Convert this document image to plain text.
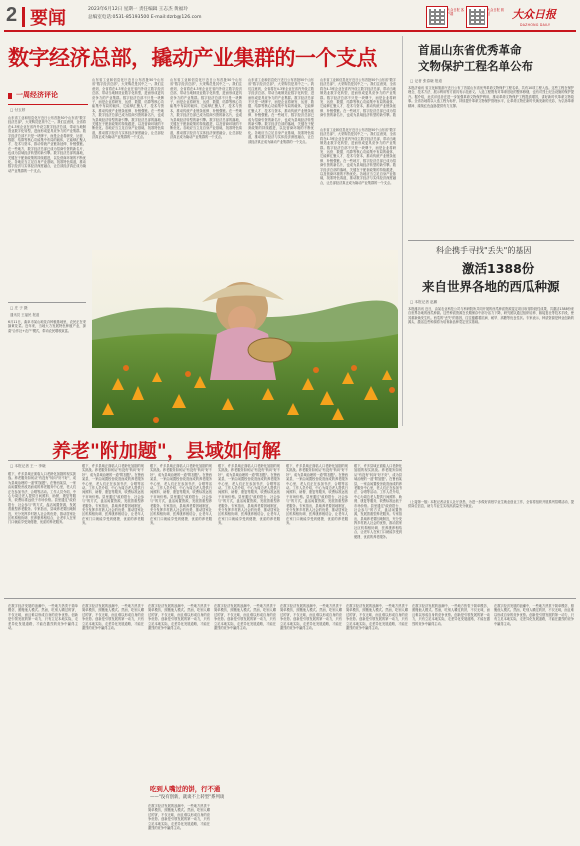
2 要闻	2023年6月12日 星期一 责任编辑 王志杰 黄福玲
总编室电话:0531-85193500 E-mail:dzrb@126.com
大众日报 客户端
大众日报 微信	大众日报
DAZHONG DAILY
数字经济总部，撬动产业集群的一个支点
一周经济评论
□ 付玉婷
山东省工业和信息化厅近日公布首批50个山东省"数字经济总部"，大采购员是其中之一。我们注意到，全省将在4-3家企业在省内外设立数字经济总部，带动当地制造业数字化转型，进而形成更具竞争力的产业集群。数字经济总部不只是一块牌子，而是企业将研发、运营、数据、结算等核心功能集中布局的载体，它能够汇聚人才、技术与资本，推动传统产业链条延伸、补链强链。在一些地方，数字经济总部已成为招商引资的新名片，也成为县域经济转型的新引擎。数字经济总部的落地，关键在于配套政策的持续跟进，以及营商环境的不断优化。各地应当立足自身产业基础，找准特色赛道，推动数字经济与实体经济深度融合，让总部经济真正成为撬动产业集群的一个支点。
山东省工业和信息化厅近日公布首批50个山东省"数字经济总部"，大采购员是其中之一。我们注意到，全省将在4-3家企业在省内外设立数字经济总部，带动当地制造业数字化转型，进而形成更具竞争力的产业集群。数字经济总部不只是一块牌子，而是企业将研发、运营、数据、结算等核心功能集中布局的载体，它能够汇聚人才、技术与资本，推动传统产业链条延伸、补链强链。在一些地方，数字经济总部已成为招商引资的新名片，也成为县域经济转型的新引擎。数字经济总部的落地，关键在于配套政策的持续跟进，以及营商环境的不断优化。各地应当立足自身产业基础，找准特色赛道，推动数字经济与实体经济深度融合，让总部经济真正成为撬动产业集群的一个支点。
山东省工业和信息化厅近日公布首批50个山东省"数字经济总部"，大采购员是其中之一。我们注意到，全省将在4-3家企业在省内外设立数字经济总部，带动当地制造业数字化转型，进而形成更具竞争力的产业集群。数字经济总部不只是一块牌子，而是企业将研发、运营、数据、结算等核心功能集中布局的载体，它能够汇聚人才、技术与资本，推动传统产业链条延伸、补链强链。在一些地方，数字经济总部已成为招商引资的新名片，也成为县域经济转型的新引擎。数字经济总部的落地，关键在于配套政策的持续跟进，以及营商环境的不断优化。各地应当立足自身产业基础，找准特色赛道，推动数字经济与实体经济深度融合，让总部经济真正成为撬动产业集群的一个支点。
山东省工业和信息化厅近日公布首批50个山东省"数字经济总部"，大采购员是其中之一。我们注意到，全省将在4-3家企业在省内外设立数字经济总部，带动当地制造业数字化转型，进而形成更具竞争力的产业集群。数字经济总部不只是一块牌子，而是企业将研发、运营、数据、结算等核心功能集中布局的载体，它能够汇聚人才、技术与资本，推动传统产业链条延伸、补链强链。在一些地方，数字经济总部已成为招商引资的新名片，也成为县域经济转型的新引擎。数字经济总部的落地，关键在于配套政策的持续跟进，以及营商环境的不断优化。各地应当立足自身产业基础，找准特色赛道，推动数字经济与实体经济深度融合，让总部经济真正成为撬动产业集群的一个支点。
山东省工业和信息化厅近日公布首批50个山东省"数字经济总部"，大采购员是其中之一。我们注意到，全省将在4-3家企业在省内外设立数字经济总部，带动当地制造业数字化转型，进而形成更具竞争力的产业集群。数字经济总部不只是一块牌子，而是企业将研发、运营、数据、结算等核心功能集中布局的载体，它能够汇聚人才、技术与资本，推动传统产业链条延伸、补链强链。在一些地方，数字经济总部已成为招商引资的新名片，也成为县域经济转型的新引擎。数
□ 庄 子 摄
通讯员 王福民 报道
6月11日，曲阜市某山地花卉种植基地里，农民正在采摘黄花菜。近年来，当地大力发展特色种植产业，探索"合作社+农户"模式，带动农民增收致富。
山东省工业和信息化厅近日公布首批50个山东省"数字经济总部"，大采购员是其中之一。我们注意到，全省将在4-3家企业在省内外设立数字经济总部，带动当地制造业数字化转型，进而形成更具竞争力的产业集群。数字经济总部不只是一块牌子，而是企业将研发、运营、数据、结算等核心功能集中布局的载体，它能够汇聚人才、技术与资本，推动传统产业链条延伸、补链强链。在一些地方，数字经济总部已成为招商引资的新名片，也成为县域经济转型的新引擎。数字经济总部的落地，关键在于配套政策的持续跟进，以及营商环境的不断优化。各地应当立足自身产业基础，找准特色赛道，推动数字经济与实体经济深度融合，让总部经济真正成为撬动产业集群的一个支点。
首届山东省优秀革命
文物保护工程名单公布
□ 记者 张春晓 报道
本报济南讯 省文化和旅游厅近日公布了首届山东省优秀革命文物保护工程名单，共有10项工程入选。这些工程在保护理念、技术方法、展示利用等方面具有示范意义。入选工程既有对革命旧址的整体修缮，也有对烈士纪念设施的保护提升。据介绍，此次评选旨在进一步加强革命文物保护利用，推动革命文物保护工程提质增效，讲好新时代革命文物故事。全省各地将以入选工程为标杆，持续提升革命文物保护管理水平，让革命文物在新时代焕发新的光彩，为弘扬革命精神、赓续红色血脉提供有力支撑。
科企携手寻找"丢失"的基因
激活1388份
来自世界各地的西瓜种源
□ 本报记者 赵鹏
本报潍坊讯 近日，由某农业科技公司与科研院所共同开展的西瓜种质资源鉴定项目取得阶段性成果，共激活1388份来自世界各地的西瓜种源。这些种质资源在长期保存中部分活力下降，研究团队通过组织培养、嫁接复壮等技术手段，使其重新焕发生机。西瓜的"丢失"的基因，往往蕴藏着抗病、耐旱、高糖等优良性状。专家表示，种质资源是种业创新的源头，激活这些种源将为培育新品种奠定坚实基础。
养老"附加题"，县域如何解
□ 本报记者 王一 李晓
眼下，许多县域正面临人口老龄化加剧的现实挑战。养老服务如何从"有没有"转向"好不好"，成为县域治理的一道"附加题"。在鲁西某县，一家由闲置校舍改造而成的养老服务中心里，老人们正在参加书法、合唱等活动。工作人员介绍，中心为周边老人提供日间照料、助餐、康复等服务，收费标准远低于市场价格。县里通过"政府搭台、社会参与"的方式，盘活闲置资源，发展普惠型养老服务。专家指出，县域养老要因地制宜，充分发挥乡村熟人社会的优势，推动居家社区机构相协调、医养康养相结合，让老年人在家门口就能享受到便捷、优质的养老服务。
眼下，许多县域正面临人口老龄化加剧的现实挑战。养老服务如何从"有没有"转向"好不好"，成为县域治理的一道"附加题"。在鲁西某县，一家由闲置校舍改造而成的养老服务中心里，老人们正在参加书法、合唱等活动。工作人员介绍，中心为周边老人提供日间照料、助餐、康复等服务，收费标准远低于市场价格。县里通过"政府搭台、社会参与"的方式，盘活闲置资源，发展普惠型养老服务。专家指出，县域养老要因地制宜，充分发挥乡村熟人社会的优势，推动居家社区机构相协调、医养康养相结合，让老年人在家门口就能享受到便捷、优质的养老服务。
眼下，许多县域正面临人口老龄化加剧的现实挑战。养老服务如何从"有没有"转向"好不好"，成为县域治理的一道"附加题"。在鲁西某县，一家由闲置校舍改造而成的养老服务中心里，老人们正在参加书法、合唱等活动。工作人员介绍，中心为周边老人提供日间照料、助餐、康复等服务，收费标准远低于市场价格。县里通过"政府搭台、社会参与"的方式，盘活闲置资源，发展普惠型养老服务。专家指出，县域养老要因地制宜，充分发挥乡村熟人社会的优势，推动居家社区机构相协调、医养康养相结合，让老年人在家门口就能享受到便捷、优质的养老服务。
眼下，许多县域正面临人口老龄化加剧的现实挑战。养老服务如何从"有没有"转向"好不好"，成为县域治理的一道"附加题"。在鲁西某县，一家由闲置校舍改造而成的养老服务中心里，老人们正在参加书法、合唱等活动。工作人员介绍，中心为周边老人提供日间照料、助餐、康复等服务，收费标准远低于市场价格。县里通过"政府搭台、社会参与"的方式，盘活闲置资源，发展普惠型养老服务。专家指出，县域养老要因地制宜，充分发挥乡村熟人社会的优势，推动居家社区机构相协调、医养康养相结合，让老年人在家门口就能享受到便捷、优质的养老服务。
眼下，许多县域正面临人口老龄化加剧的现实挑战。养老服务如何从"有没有"转向"好不好"，成为县域治理的一道"附加题"。在鲁西某县，一家由闲置校舍改造而成的养老服务中心里，老人们正在参加书法、合唱等活动。工作人员介绍，中心为周边老人提供日间照料、助餐、康复等服务，收费标准远低于市场价格。县里通过"政府搭台、社会参与"的方式，盘活闲置资源，发展普惠型养老服务。专家指出，县域养老要因地制宜，充分发挥乡村熟人社会的优势，推动居家社区机构相协调、医养康养相结合，让老年人在家门口就能享受到便捷、优质的养老服务。
眼下，许多县域正面临人口老龄化加剧的现实挑战。养老服务如何从"有没有"转向"好不好"，成为县域治理的一道"附加题"。在鲁西某县，一家由闲置校舍改造而成的养老服务中心里，老人们正在参加书法、合唱等活动。工作人员介绍，中心为周边老人提供日间照料、助餐、康复等服务，收费标准远低于市场价格。县里通过"政府搭台、社会参与"的方式，盘活闲置资源，发展普惠型养老服务。专家指出，县域养老要因地制宜，充分发挥乡村熟人社会的优势，推动居家社区机构相协调、医养康养相结合，让老年人在家门口就能享受到便捷、优质的养老服务。
（上接第一版）本报记者从省人社厅获悉，为进一步做好高校毕业生就业创业工作，全省将组织开展系列招聘活动，提供岗位信息，助力毕业生实现高质量充分就业。
在数字经济发展的浪潮中，一些地方热衷于简单模仿，照搬他人模式。然而，吃别人嚼过的饼，不仅无味，而且难以形成自身的竞争优势。创新是引领发展的第一动力，只有立足本地实际，走差异化发展道路，才能在激烈的竞争中赢得主动。
在数字经济发展的浪潮中，一些地方热衷于简单模仿，照搬他人模式。然而，吃别人嚼过的饼，不仅无味，而且难以形成自身的竞争优势。创新是引领发展的第一动力，只有立足本地实际，走差异化发展道路，才能在激烈的竞争中赢得主动。
在数字经济发展的浪潮中，一些地方热衷于简单模仿，照搬他人模式。然而，吃别人嚼过的饼，不仅无味，而且难以形成自身的竞争优势。创新是引领发展的第一动力，只有立足本地实际，走差异化发展道路，才能在激烈的竞争中赢得主动。
在数字经济发展的浪潮中，一些地方热衷于简单模仿，照搬他人模式。然而，吃别人嚼过的饼，不仅无味，而且难以形成自身的竞争优势。创新是引领发展的第一动力，只有立足本地实际，走差异化发展道路，才能在激烈的竞争中赢得主动。
在数字经济发展的浪潮中，一些地方热衷于简单模仿，照搬他人模式。然而，吃别人嚼过的饼，不仅无味，而且难以形成自身的竞争优势。创新是引领发展的第一动力，只有立足本地实际，走差异化发展道路，才能在激烈的竞争中赢得主动。
在数字经济发展的浪潮中，一些地方热衷于简单模仿，照搬他人模式。然而，吃别人嚼过的饼，不仅无味，而且难以形成自身的竞争优势。创新是引领发展的第一动力，只有立足本地实际，走差异化发展道路，才能在激烈的竞争中赢得主动。
在数字经济发展的浪潮中，一些地方热衷于简单模仿，照搬他人模式。然而，吃别人嚼过的饼，不仅无味，而且难以形成自身的竞争优势。创新是引领发展的第一动力，只有立足本地实际，走差异化发展道路，才能在激烈的竞争中赢得主动。
在数字经济发展的浪潮中，一些地方热衷于简单模仿，照搬他人模式。然而，吃别人嚼过的饼，不仅无味，而且难以形成自身的竞争优势。创新是引领发展的第一动力，只有立足本地实际，走差异化发展道路，才能在激烈的竞争中赢得主动。
吃到人嘴过的饼，行不通
——"没有创新，就谈不上转型"系列谈
在数字经济发展的浪潮中，一些地方热衷于简单模仿，照搬他人模式。然而，吃别人嚼过的饼，不仅无味，而且难以形成自身的竞争优势。创新是引领发展的第一动力，只有立足本地实际，走差异化发展道路，才能在激烈的竞争中赢得主动。
